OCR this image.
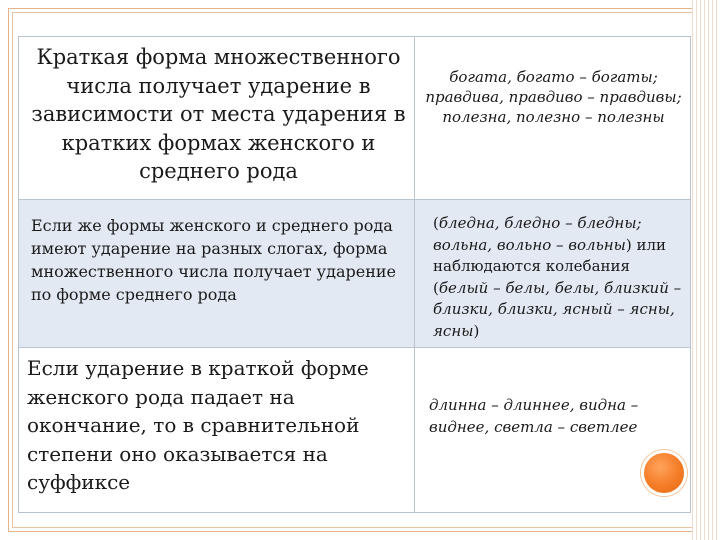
Краткая форма множественного числа получает ударение в зависимости от места ударения в кратких формах женского и среднего рода	богата, богато – богаты; правдива, правдиво – правдивы; полезна, полезно – полезны

Если же формы женского и среднего рода имеют ударение на разных слогах, форма множественного числа получает ударение по форме среднего рода	(бледна, бледно – бледны; вольна, вольно – вольны) или наблюдаются колебания (белый – белы, белы, близкий – близки, близки, ясный – ясны, ясны)

Если ударение в краткой форме женского рода падает на окончание, то в сравнительной степени оно оказывается на суффиксе	длинна – длиннее, видна – виднее, светла – светлее
